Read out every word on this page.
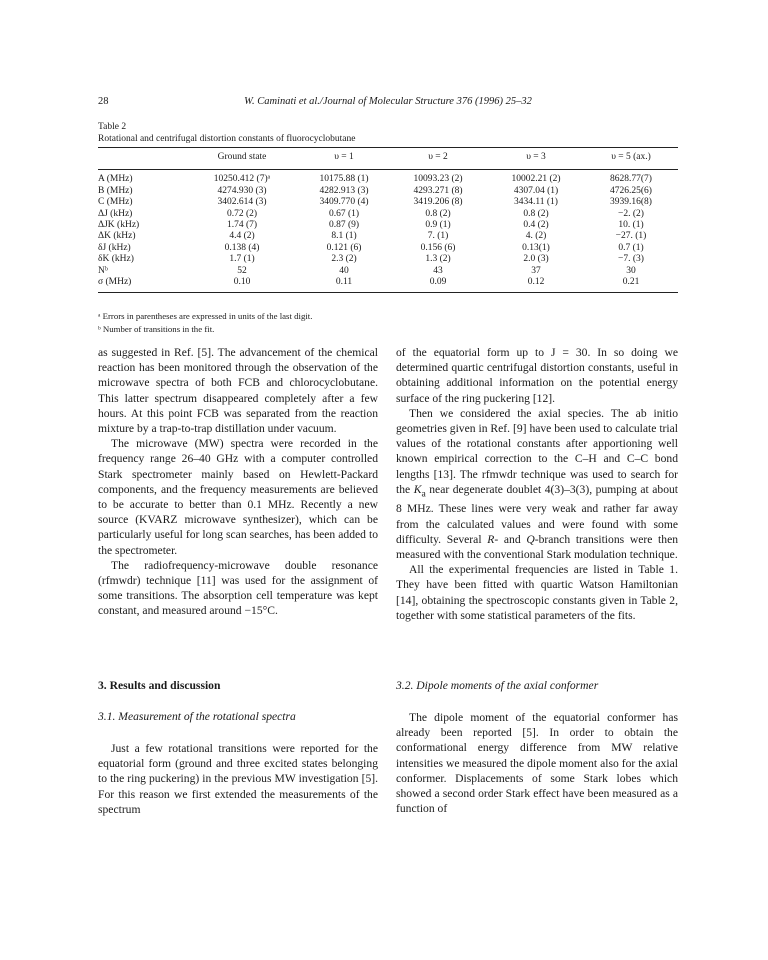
28	W. Caminati et al./Journal of Molecular Structure 376 (1996) 25–32
Table 2
Rotational and centrifugal distortion constants of fluorocyclobutane
	Ground state	υ = 1	υ = 2	υ = 3	υ = 5 (ax.)
A (MHz)	10250.412 (7)ᵃ	10175.88 (1)	10093.23 (2)	10002.21 (2)	8628.77(7)
B (MHz)	4274.930 (3)	4282.913 (3)	4293.271 (8)	4307.04 (1)	4726.25(6)
C (MHz)	3402.614 (3)	3409.770 (4)	3419.206 (8)	3434.11 (1)	3939.16(8)
ΔJ (kHz)	0.72 (2)	0.67 (1)	0.8 (2)	0.8 (2)	−2. (2)
ΔJK (kHz)	1.74 (7)	0.87 (9)	0.9 (1)	0.4 (2)	10. (1)
ΔK (kHz)	4.4 (2)	8.1 (1)	7. (1)	4. (2)	−27. (1)
δJ (kHz)	0.138 (4)	0.121 (6)	0.156 (6)	0.13(1)	0.7 (1)
δK (kHz)	1.7 (1)	2.3 (2)	1.3 (2)	2.0 (3)	−7. (3)
Nᵇ	52	40	43	37	30
σ (MHz)	0.10	0.11	0.09	0.12	0.21
ᵃ Errors in parentheses are expressed in units of the last digit.
ᵇ Number of transitions in the fit.

as suggested in Ref. [5]. The advancement of the chemical reaction has been monitored through the observation of the microwave spectra of both FCB and chlorocyclobutane. This latter spectrum disappeared completely after a few hours. At this point FCB was separated from the reaction mixture by a trap-to-trap distillation under vacuum.

The microwave (MW) spectra were recorded in the frequency range 26–40 GHz with a computer controlled Stark spectrometer mainly based on Hewlett-Packard components, and the frequency measurements are believed to be accurate to better than 0.1 MHz. Recently a new source (KVARZ microwave synthesizer), which can be particularly useful for long scan searches, has been added to the spectrometer.

The radiofrequency-microwave double resonance (rfmwdr) technique [11] was used for the assignment of some transitions. The absorption cell temperature was kept constant, and measured around −15°C.

3. Results and discussion
3.1. Measurement of the rotational spectra

Just a few rotational transitions were reported for the equatorial form (ground and three excited states belonging to the ring puckering) in the previous MW investigation [5]. For this reason we first extended the measurements of the spectrum

of the equatorial form up to J = 30. In so doing we determined quartic centrifugal distortion constants, useful in obtaining additional information on the potential energy surface of the ring puckering [12].

Then we considered the axial species. The ab initio geometries given in Ref. [9] have been used to calculate trial values of the rotational constants after apportioning well known empirical correction to the C–H and C–C bond lengths [13]. The rfmwdr technique was used to search for the $K_a$ near degenerate doublet 4(3)–3(3), pumping at about 8 MHz. These lines were very weak and rather far away from the calculated values and were found with some difficulty. Several R- and Q-branch transitions were then measured with the conventional Stark modulation technique.

All the experimental frequencies are listed in Table 1. They have been fitted with quartic Watson Hamiltonian [14], obtaining the spectroscopic constants given in Table 2, together with some statistical parameters of the fits.

3.2. Dipole moments of the axial conformer

The dipole moment of the equatorial conformer has already been reported [5]. In order to obtain the conformational energy difference from MW relative intensities we measured the dipole moment also for the axial conformer. Displacements of some Stark lobes which showed a second order Stark effect have been measured as a function of
